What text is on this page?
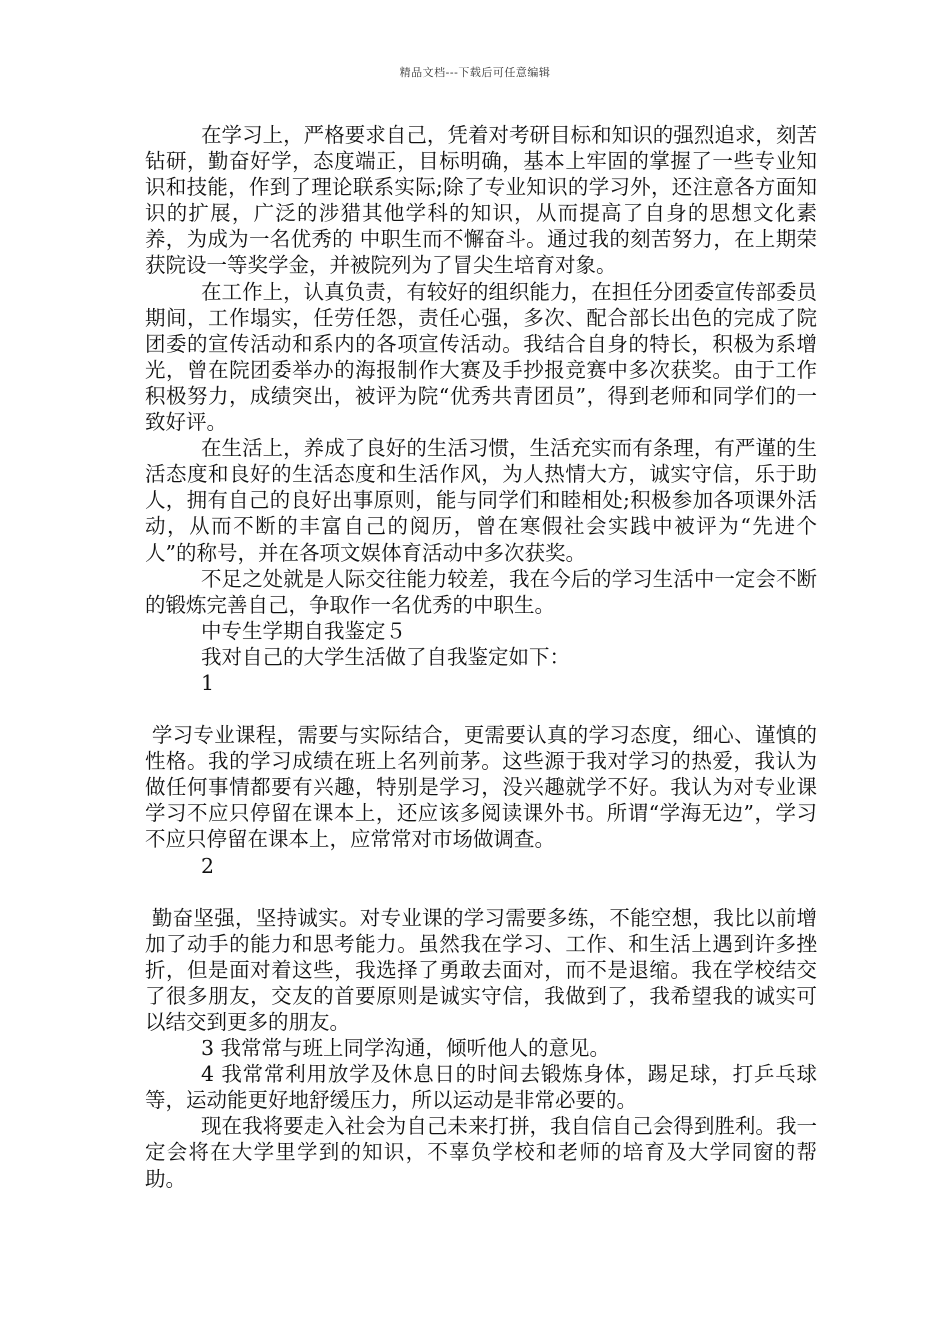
精品文档---下载后可任意编辑

在学习上，严格要求自己，凭着对考研目标和知识的强烈追求，刻苦钻研，勤奋好学，态度端正，目标明确，基本上牢固的掌握了一些专业知识和技能，作到了理论联系实际;除了专业知识的学习外，还注意各方面知识的扩展，广泛的涉猎其他学科的知识，从而提高了自身的思想文化素养，为成为一名优秀的 中职生而不懈奋斗。通过我的刻苦努力，在上期荣获院设一等奖学金，并被院列为了冒尖生培育对象。

在工作上，认真负责，有较好的组织能力，在担任分团委宣传部委员期间，工作塌实，任劳任怨，责任心强，多次、配合部长出色的完成了院团委的宣传活动和系内的各项宣传活动。我结合自身的特长，积极为系增光，曾在院团委举办的海报制作大赛及手抄报竞赛中多次获奖。由于工作积极努力，成绩突出，被评为院“优秀共青团员”，得到老师和同学们的一致好评。

在生活上，养成了良好的生活习惯，生活充实而有条理，有严谨的生活态度和良好的生活态度和生活作风，为人热情大方，诚实守信，乐于助人，拥有自己的良好出事原则，能与同学们和睦相处;积极参加各项课外活动，从而不断的丰富自己的阅历，曾在寒假社会实践中被评为“先进个人”的称号，并在各项文娱体育活动中多次获奖。

不足之处就是人际交往能力较差，我在今后的学习生活中一定会不断的锻炼完善自己，争取作一名优秀的中职生。

中专生学期自我鉴定５

我对自己的大学生活做了自我鉴定如下：

1

学习专业课程，需要与实际结合，更需要认真的学习态度，细心、谨慎的性格。我的学习成绩在班上名列前茅。这些源于我对学习的热爱，我认为做任何事情都要有兴趣，特别是学习，没兴趣就学不好。我认为对专业课学习不应只停留在课本上，还应该多阅读课外书。所谓“学海无边”，学习不应只停留在课本上，应常常对市场做调查。

2

勤奋坚强，坚持诚实。对专业课的学习需要多练，不能空想，我比以前增加了动手的能力和思考能力。虽然我在学习、工作、和生活上遇到许多挫折，但是面对着这些，我选择了勇敢去面对，而不是退缩。我在学校结交了很多朋友，交友的首要原则是诚实守信，我做到了，我希望我的诚实可以结交到更多的朋友。

3 我常常与班上同学沟通，倾听他人的意见。

4 我常常利用放学及休息日的时间去锻炼身体，踢足球，打乒乓球等，运动能更好地舒缓压力，所以运动是非常必要的。

现在我将要走入社会为自己未来打拼，我自信自己会得到胜利。我一定会将在大学里学到的知识，不辜负学校和老师的培育及大学同窗的帮助。
